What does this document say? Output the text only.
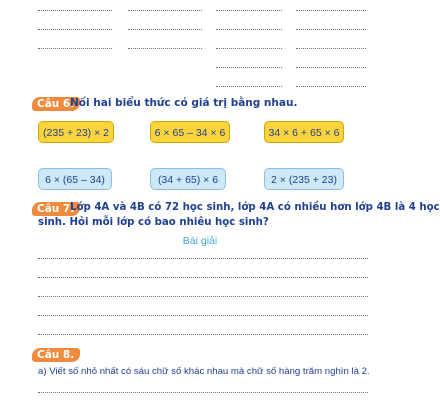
Câu 6.
Nối hai biểu thức có giá trị bằng nhau.
(235 + 23) × 2	6 × 65 – 34 × 6	34 × 6 + 65 × 6
6 × (65 – 34)	(34 + 65) × 6	2 × (235 + 23)
Câu 7.
Lớp 4A và 4B có 72 học sinh, lớp 4A có nhiều hơn lớp 4B là 4 học
sinh. Hỏi mỗi lớp có bao nhiêu học sinh?
Bài giải
Câu 8.
a) Viết số nhỏ nhất có sáu chữ số khác nhau mà chữ số hàng trăm nghìn là 2.
